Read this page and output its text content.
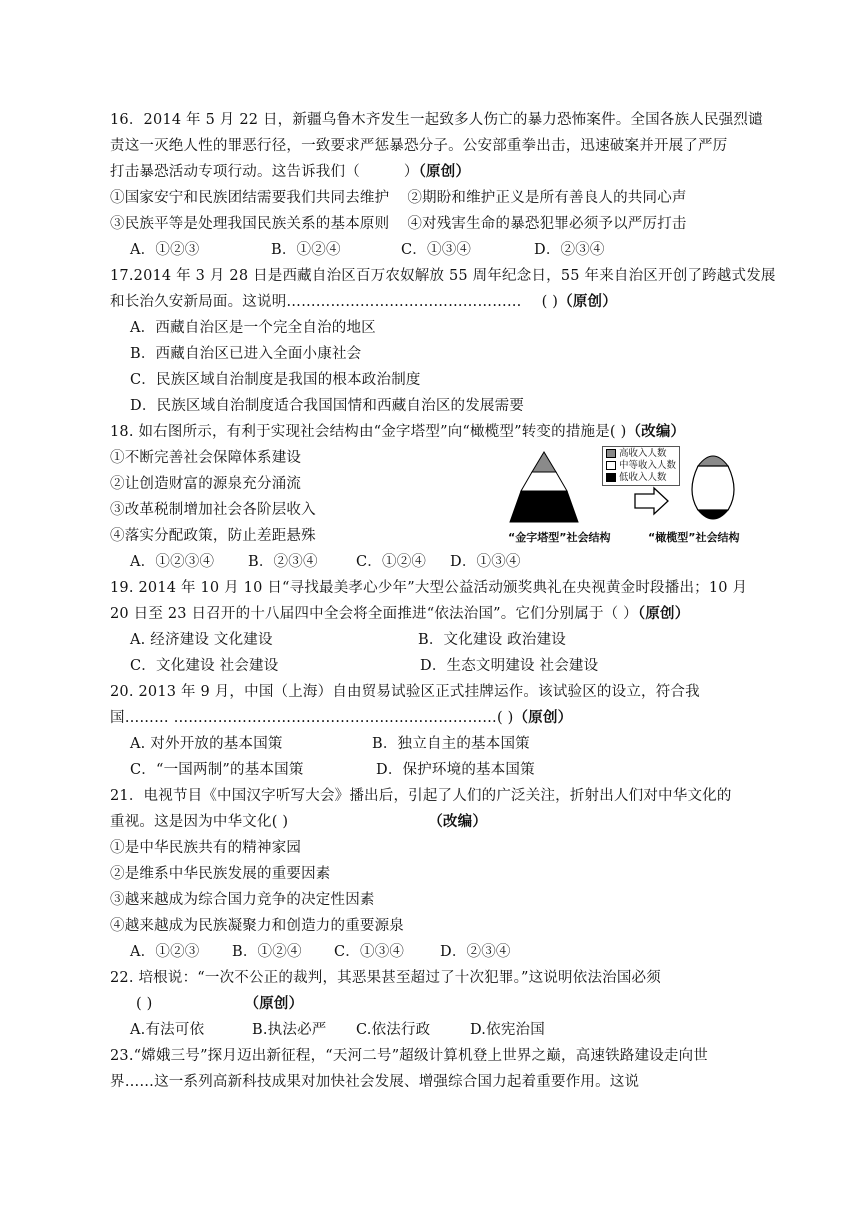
16．2014 年 5 月 22 日，新疆乌鲁木齐发生一起致多人伤亡的暴力恐怖案件。全国各族人民强烈谴
责这一灭绝人性的罪恶行径，一致要求严惩暴恐分子。公安部重拳出击，迅速破案并开展了严厉
打击暴恐活动专项行动。这告诉我们（	）（原创）
①国家安宁和民族团结需要我们共同去维护 ②期盼和维护正义是所有善良人的共同心声
③民族平等是处理我国民族关系的基本原则 ④对残害生命的暴恐犯罪必须予以严厉打击
A．①②③	B．①②④	C．①③④	D．②③④
17.2014 年 3 月 28 日是西藏自治区百万农奴解放 55 周年纪念日，55 年来自治区开创了跨越式发展
和长治久安新局面。这说明………………………………………… ( )（原创）
A．西藏自治区是一个完全自治的地区
B．西藏自治区已进入全面小康社会
C．民族区域自治制度是我国的根本政治制度
D．民族区域自治制度适合我国国情和西藏自治区的发展需要
18. 如右图所示，有利于实现社会结构由“金字塔型”向“橄榄型”转变的措施是( )（改编）
①不断完善社会保障体系建设
②让创造财富的源泉充分涌流
③改革税制增加社会各阶层收入
④落实分配政策，防止差距悬殊
A．①②③④ B．②③④	C．①②④ D．①③④
高收入人数
中等收入人数
低收入人数
“金字塔型”社会结构	“橄榄型”社会结构
19. 2014 年 10 月 10 日“寻找最美孝心少年”大型公益活动颁奖典礼在央视黄金时段播出；10 月
20 日至 23 日召开的十八届四中全会将全面推进“依法治国”。它们分别属于（ ）（原创）
A. 经济建设 文化建设	B．文化建设 政治建设
C．文化建设 社会建设	D．生态文明建设 社会建设
20. 2013 年 9 月，中国（上海）自由贸易试验区正式挂牌运作。该试验区的设立，符合我
国……… …………………………………………………………( )（原创）
A. 对外开放的基本国策	B．独立自主的基本国策
C．“一国两制”的基本国策	D．保护环境的基本国策
21．电视节目《中国汉字听写大会》播出后，引起了人们的广泛关注，折射出人们对中华文化的
重视。这是因为中华文化( )	（改编）
①是中华民族共有的精神家园
②是维系中华民族发展的重要因素
③越来越成为综合国力竞争的决定性因素
④越来越成为民族凝聚力和创造力的重要源泉
A．①②③ B．①②④ C．①③④ D．②③④
22. 培根说：“一次不公正的裁判，其恶果甚至超过了十次犯罪。”这说明依法治国必须
( )	（原创）
A.有法可依	B.执法必严 C.依法行政	D.依宪治国
23.“嫦娥三号”探月迈出新征程，“天河二号”超级计算机登上世界之巅，高速铁路建设走向世
界……这一系列高新科技成果对加快社会发展、增强综合国力起着重要作用。这说
